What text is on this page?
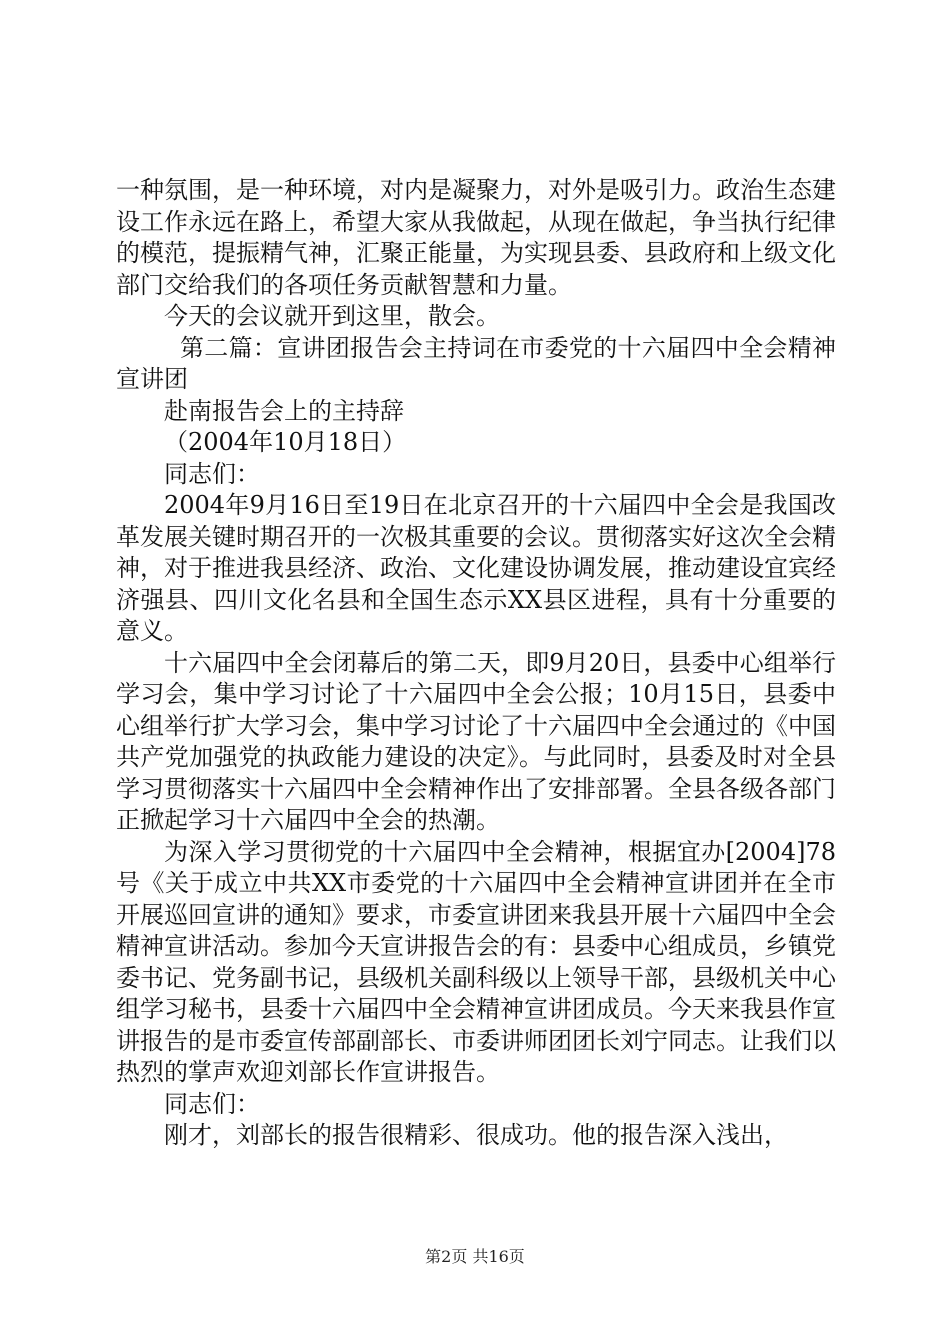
一种氛围，是一种环境，对内是凝聚力，对外是吸引力。政治生态建设工作永远在路上，希望大家从我做起，从现在做起，争当执行纪律的模范，提振精气神，汇聚正能量，为实现县委、县政府和上级文化部门交给我们的各项任务贡献智慧和力量。

今天的会议就开到这里，散会。

第二篇：宣讲团报告会主持词在市委党的十六届四中全会精神宣讲团

赴南报告会上的主持辞

（2004年10月18日）

同志们：

2004年9月16日至19日在北京召开的十六届四中全会是我国改革发展关键时期召开的一次极其重要的会议。贯彻落实好这次全会精神，对于推进我县经济、政治、文化建设协调发展，推动建设宜宾经济强县、四川文化名县和全国生态示XX县区进程，具有十分重要的意义。

十六届四中全会闭幕后的第二天，即9月20日，县委中心组举行学习会，集中学习讨论了十六届四中全会公报；10月15日，县委中心组举行扩大学习会，集中学习讨论了十六届四中全会通过的《中国共产党加强党的执政能力建设的决定》。与此同时，县委及时对全县学习贯彻落实十六届四中全会精神作出了安排部署。全县各级各部门正掀起学习十六届四中全会的热潮。

为深入学习贯彻党的十六届四中全会精神，根据宜办[2004]78号《关于成立中共XX市委党的十六届四中全会精神宣讲团并在全市开展巡回宣讲的通知》要求，市委宣讲团来我县开展十六届四中全会精神宣讲活动。参加今天宣讲报告会的有：县委中心组成员，乡镇党委书记、党务副书记，县级机关副科级以上领导干部，县级机关中心组学习秘书，县委十六届四中全会精神宣讲团成员。今天来我县作宣讲报告的是市委宣传部副部长、市委讲师团团长刘宁同志。让我们以热烈的掌声欢迎刘部长作宣讲报告。

同志们：

刚才，刘部长的报告很精彩、很成功。他的报告深入浅出，

第2页 共16页
